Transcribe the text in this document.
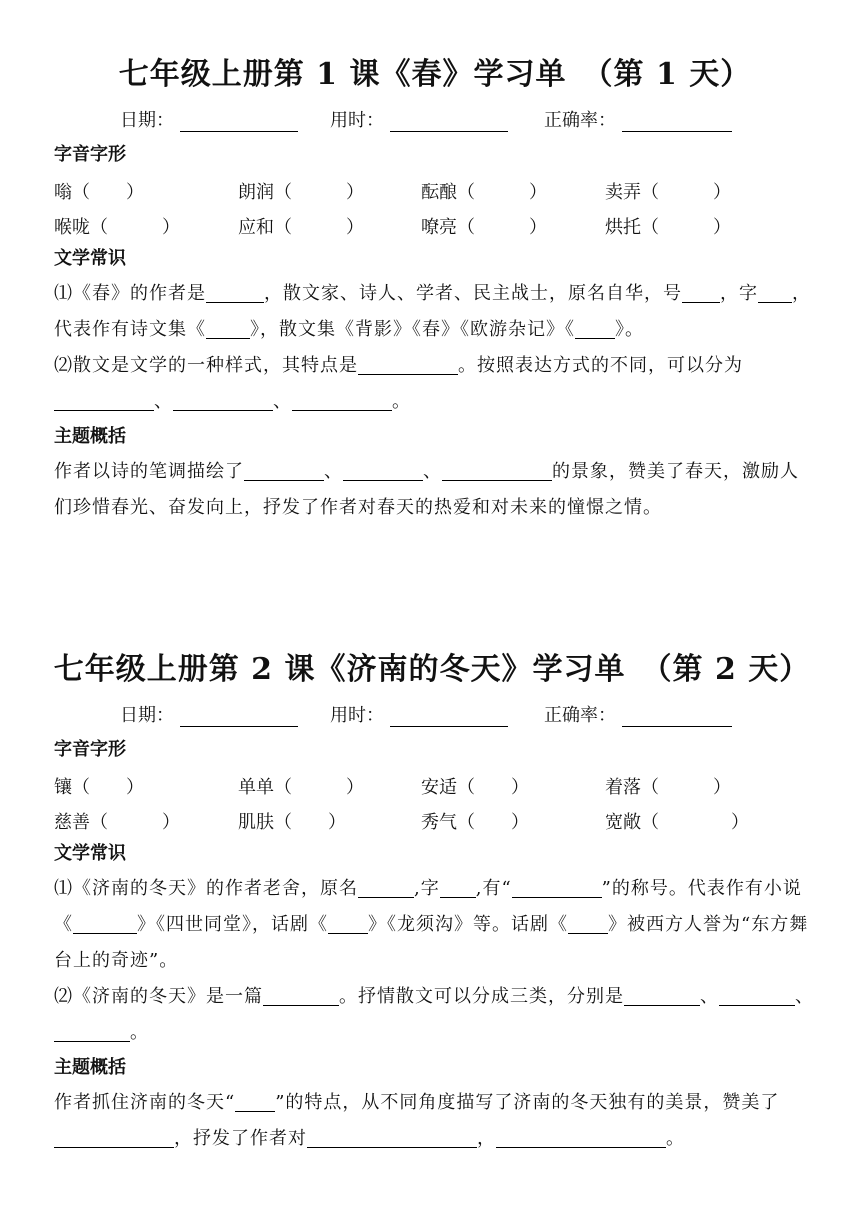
七年级上册第 1 课《春》学习单　（第 1 天）
日期：	用时：	正确率：
字音字形
嗡（　　）	朗润（　　　）	酝酿（　　　）	卖弄（　　　）
喉咙（　　　）	应和（　　　）	嘹亮（　　　）	烘托（　　　）
文学常识

⑴《春》的作者是	，散文家、诗人、学者、民主战士，原名自华，号 ，字 ，代表作有诗文集《 》，散文集《背影》《春》《欧游杂记》《 》。

⑵散文是文学的一种样式，其特点是	。按照表达方式的不同，可以分为、	、	。

主题概括

作者以诗的笔调描绘了	、	、	的景象，赞美了春天，激励人们珍惜春光、奋发向上，抒发了作者对春天的热爱和对未来的憧憬之情。

七年级上册第 2 课《济南的冬天》学习单　（第 2 天）
日期：	用时：	正确率：
字音字形
镶（　　）	单单（　　　）	安适（　　）	着落（　　　）
慈善（　　　）	肌肤（　　）	秀气（　　）	宽敞（　　　　）
文学常识

⑴《济南的冬天》的作者老舍，原名	,字 ,有“	”的称号。代表作有小说《	》《四世同堂》，话剧《 》《龙须沟》等。话剧《 》被西方人誉为“东方舞台上的奇迹”。

⑵《济南的冬天》是一篇	。抒情散文可以分成三类，分别是	、	、。

主题概括

作者抓住济南的冬天“ ”的特点，从不同角度描写了济南的冬天独有的美景，赞美了，抒发了作者对	，	。
